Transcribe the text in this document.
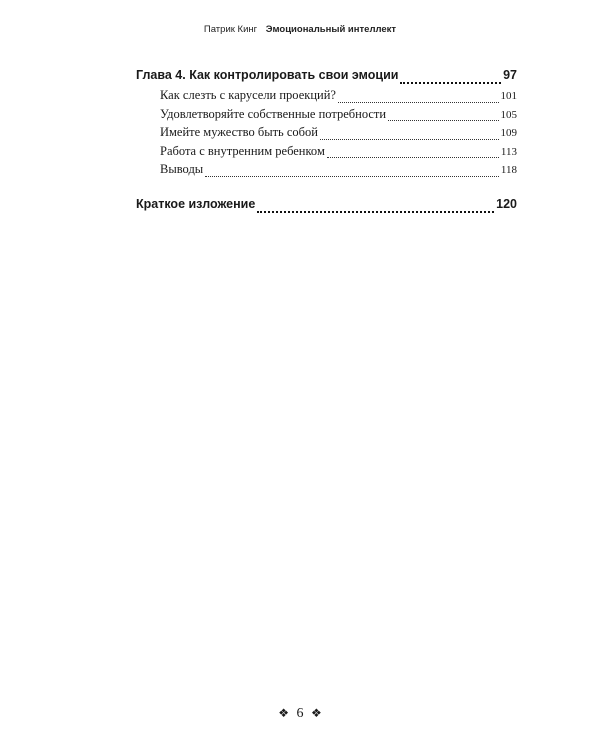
Патрик Кинг Эмоциональный интеллект
Глава 4. Как контролировать свои эмоции	97
Как слезть с карусели проекций?	101
Удовлетворяйте собственные потребности	105
Имейте мужество быть собой	109
Работа с внутренним ребенком	113
Выводы	118
Краткое изложение	120
❖ 6 ❖
